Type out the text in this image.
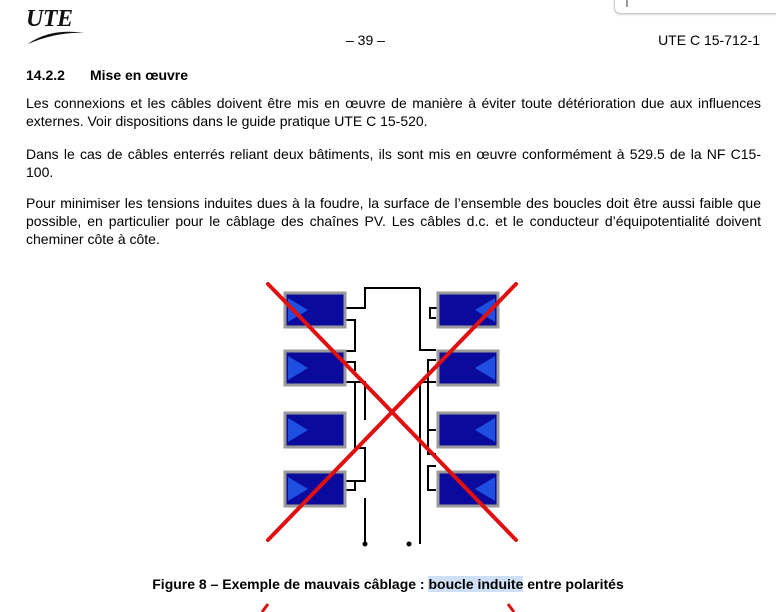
UTE
– 39 –	UTE C 15-712-1
14.2.2 Mise en œuvre

Les connexions et les câbles doivent être mis en œuvre de manière à éviter toute détérioration due aux influences externes. Voir dispositions dans le guide pratique UTE C 15-520.

Dans le cas de câbles enterrés reliant deux bâtiments, ils sont mis en œuvre conformément à 529.5 de la NF C15-100.

Pour minimiser les tensions induites dues à la foudre, la surface de l’ensemble des boucles doit être aussi faible que possible, en particulier pour le câblage des chaînes PV. Les câbles d.c. et le conducteur d’équipotentialité doivent cheminer côte à côte.

Figure 8 – Exemple de mauvais câblage : boucle induite entre polarités
